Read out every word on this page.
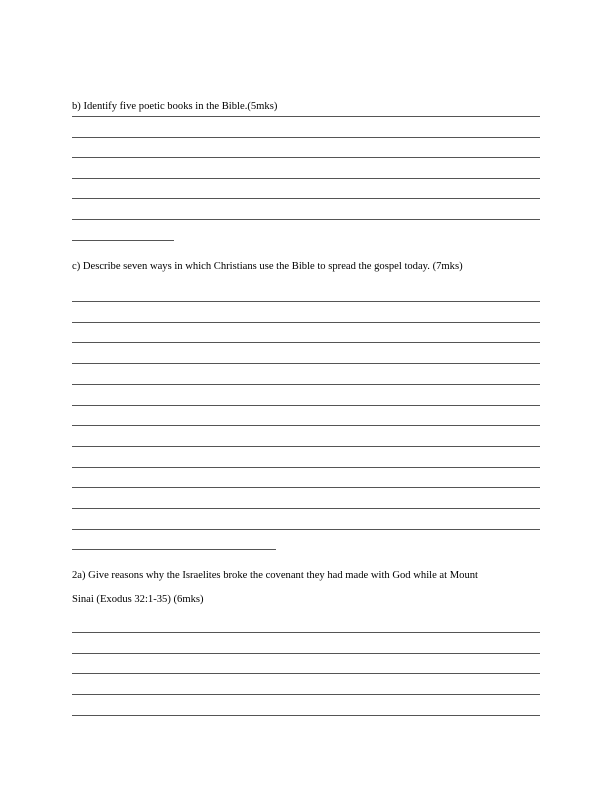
b) Identify five poetic books in the Bible.(5mks)

c) Describe seven ways in which Christians use the Bible to spread the gospel today. (7mks)

2a) Give reasons why the Israelites broke the covenant they had made with God while at Mount

Sinai (Exodus 32:1-35) (6mks)
